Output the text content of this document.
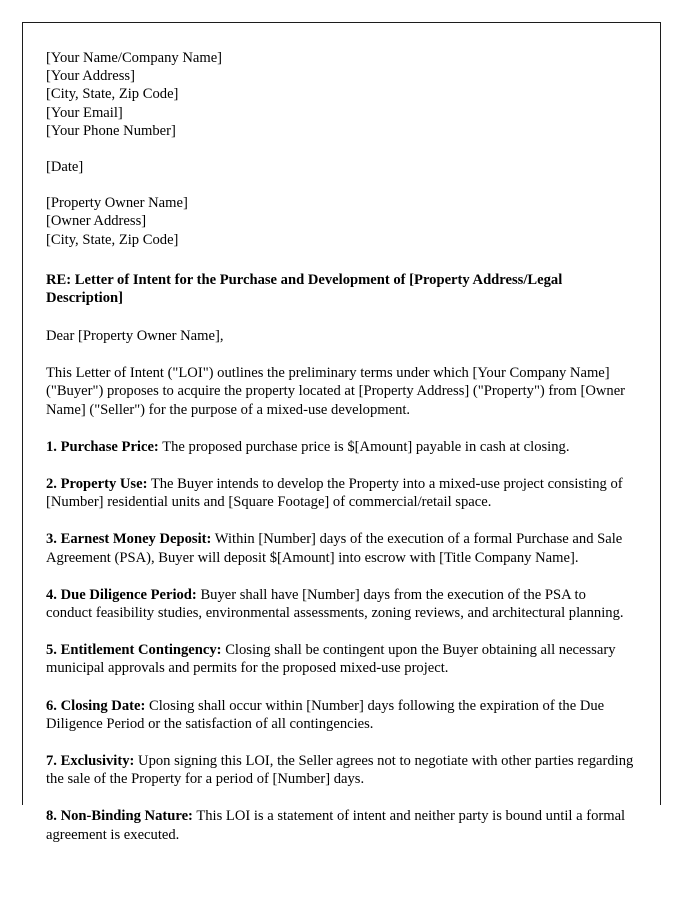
[Your Name/Company Name]
[Your Address]
[City, State, Zip Code]
[Your Email]
[Your Phone Number]
[Date]
[Property Owner Name]
[Owner Address]
[City, State, Zip Code]
RE: Letter of Intent for the Purchase and Development of [Property Address/Legal Description]
Dear [Property Owner Name],
This Letter of Intent ("LOI") outlines the preliminary terms under which [Your Company Name] ("Buyer") proposes to acquire the property located at [Property Address] ("Property") from [Owner Name] ("Seller") for the purpose of a mixed-use development.

1. Purchase Price: The proposed purchase price is $[Amount] payable in cash at closing.

2. Property Use: The Buyer intends to develop the Property into a mixed-use project consisting of [Number] residential units and [Square Footage] of commercial/retail space.

3. Earnest Money Deposit: Within [Number] days of the execution of a formal Purchase and Sale Agreement (PSA), Buyer will deposit $[Amount] into escrow with [Title Company Name].

4. Due Diligence Period: Buyer shall have [Number] days from the execution of the PSA to conduct feasibility studies, environmental assessments, zoning reviews, and architectural planning.

5. Entitlement Contingency: Closing shall be contingent upon the Buyer obtaining all necessary municipal approvals and permits for the proposed mixed-use project.

6. Closing Date: Closing shall occur within [Number] days following the expiration of the Due Diligence Period or the satisfaction of all contingencies.

7. Exclusivity: Upon signing this LOI, the Seller agrees not to negotiate with other parties regarding the sale of the Property for a period of [Number] days.

8. Non-Binding Nature: This LOI is a statement of intent and neither party is bound until a formal agreement is executed.
